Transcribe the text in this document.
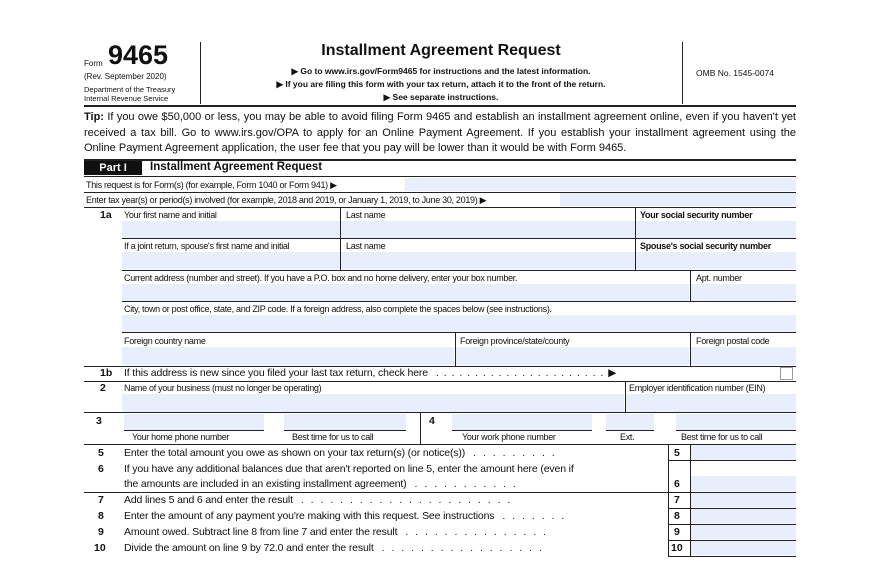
Form 9465
(Rev. September 2020)
Department of the Treasury
Internal Revenue Service
Installment Agreement Request
▶ Go to www.irs.gov/Form9465 for instructions and the latest information.
▶ If you are filing this form with your tax return, attach it to the front of the return.
▶ See separate instructions.
OMB No. 1545-0074
Tip: If you owe $50,000 or less, you may be able to avoid filing Form 9465 and establish an installment agreement online, even if you haven't yet received a tax bill. Go to www.irs.gov/OPA to apply for an Online Payment Agreement. If you establish your installment agreement using the Online Payment Agreement application, the user fee that you pay will be lower than it would be with Form 9465.
Part I	Installment Agreement Request
This request is for Form(s) (for example, Form 1040 or Form 941) ▶
Enter tax year(s) or period(s) involved (for example, 2018 and 2019, or January 1, 2019, to June 30, 2019) ▶
1a Your first name and initial	Last name	Your social security number
If a joint return, spouse's first name and initial	Last name	Spouse's social security number
Current address (number and street). If you have a P.O. box and no home delivery, enter your box number.	Apt. number
City, town or post office, state, and ZIP code. If a foreign address, also complete the spaces below (see instructions).
Foreign country name	Foreign province/state/county	Foreign postal code
1b If this address is new since you filed your last tax return, check here . . . . . . . . . . . . . . . . . . . . . . ▶
2 Name of your business (must no longer be operating)	Employer identification number (EIN)
3
Your home phone number	Best time for us to call
4
Your work phone number	Ext.	Best time for us to call
5 Enter the total amount you owe as shown on your tax return(s) (or notice(s)) . . . . . . . . .	5
6 If you have any additional balances due that aren't reported on line 5, enter the amount here (even if
the amounts are included in an existing installment agreement) . . . . . . . . . . .	6
7 Add lines 5 and 6 and enter the result . . . . . . . . . . . . . . . . . . . . . .	7
8 Enter the amount of any payment you're making with this request. See instructions . . . . . . .	8
9 Amount owed. Subtract line 8 from line 7 and enter the result . . . . . . . . . . . . . . .	9
10 Divide the amount on line 9 by 72.0 and enter the result . . . . . . . . . . . . . . . . .	10
